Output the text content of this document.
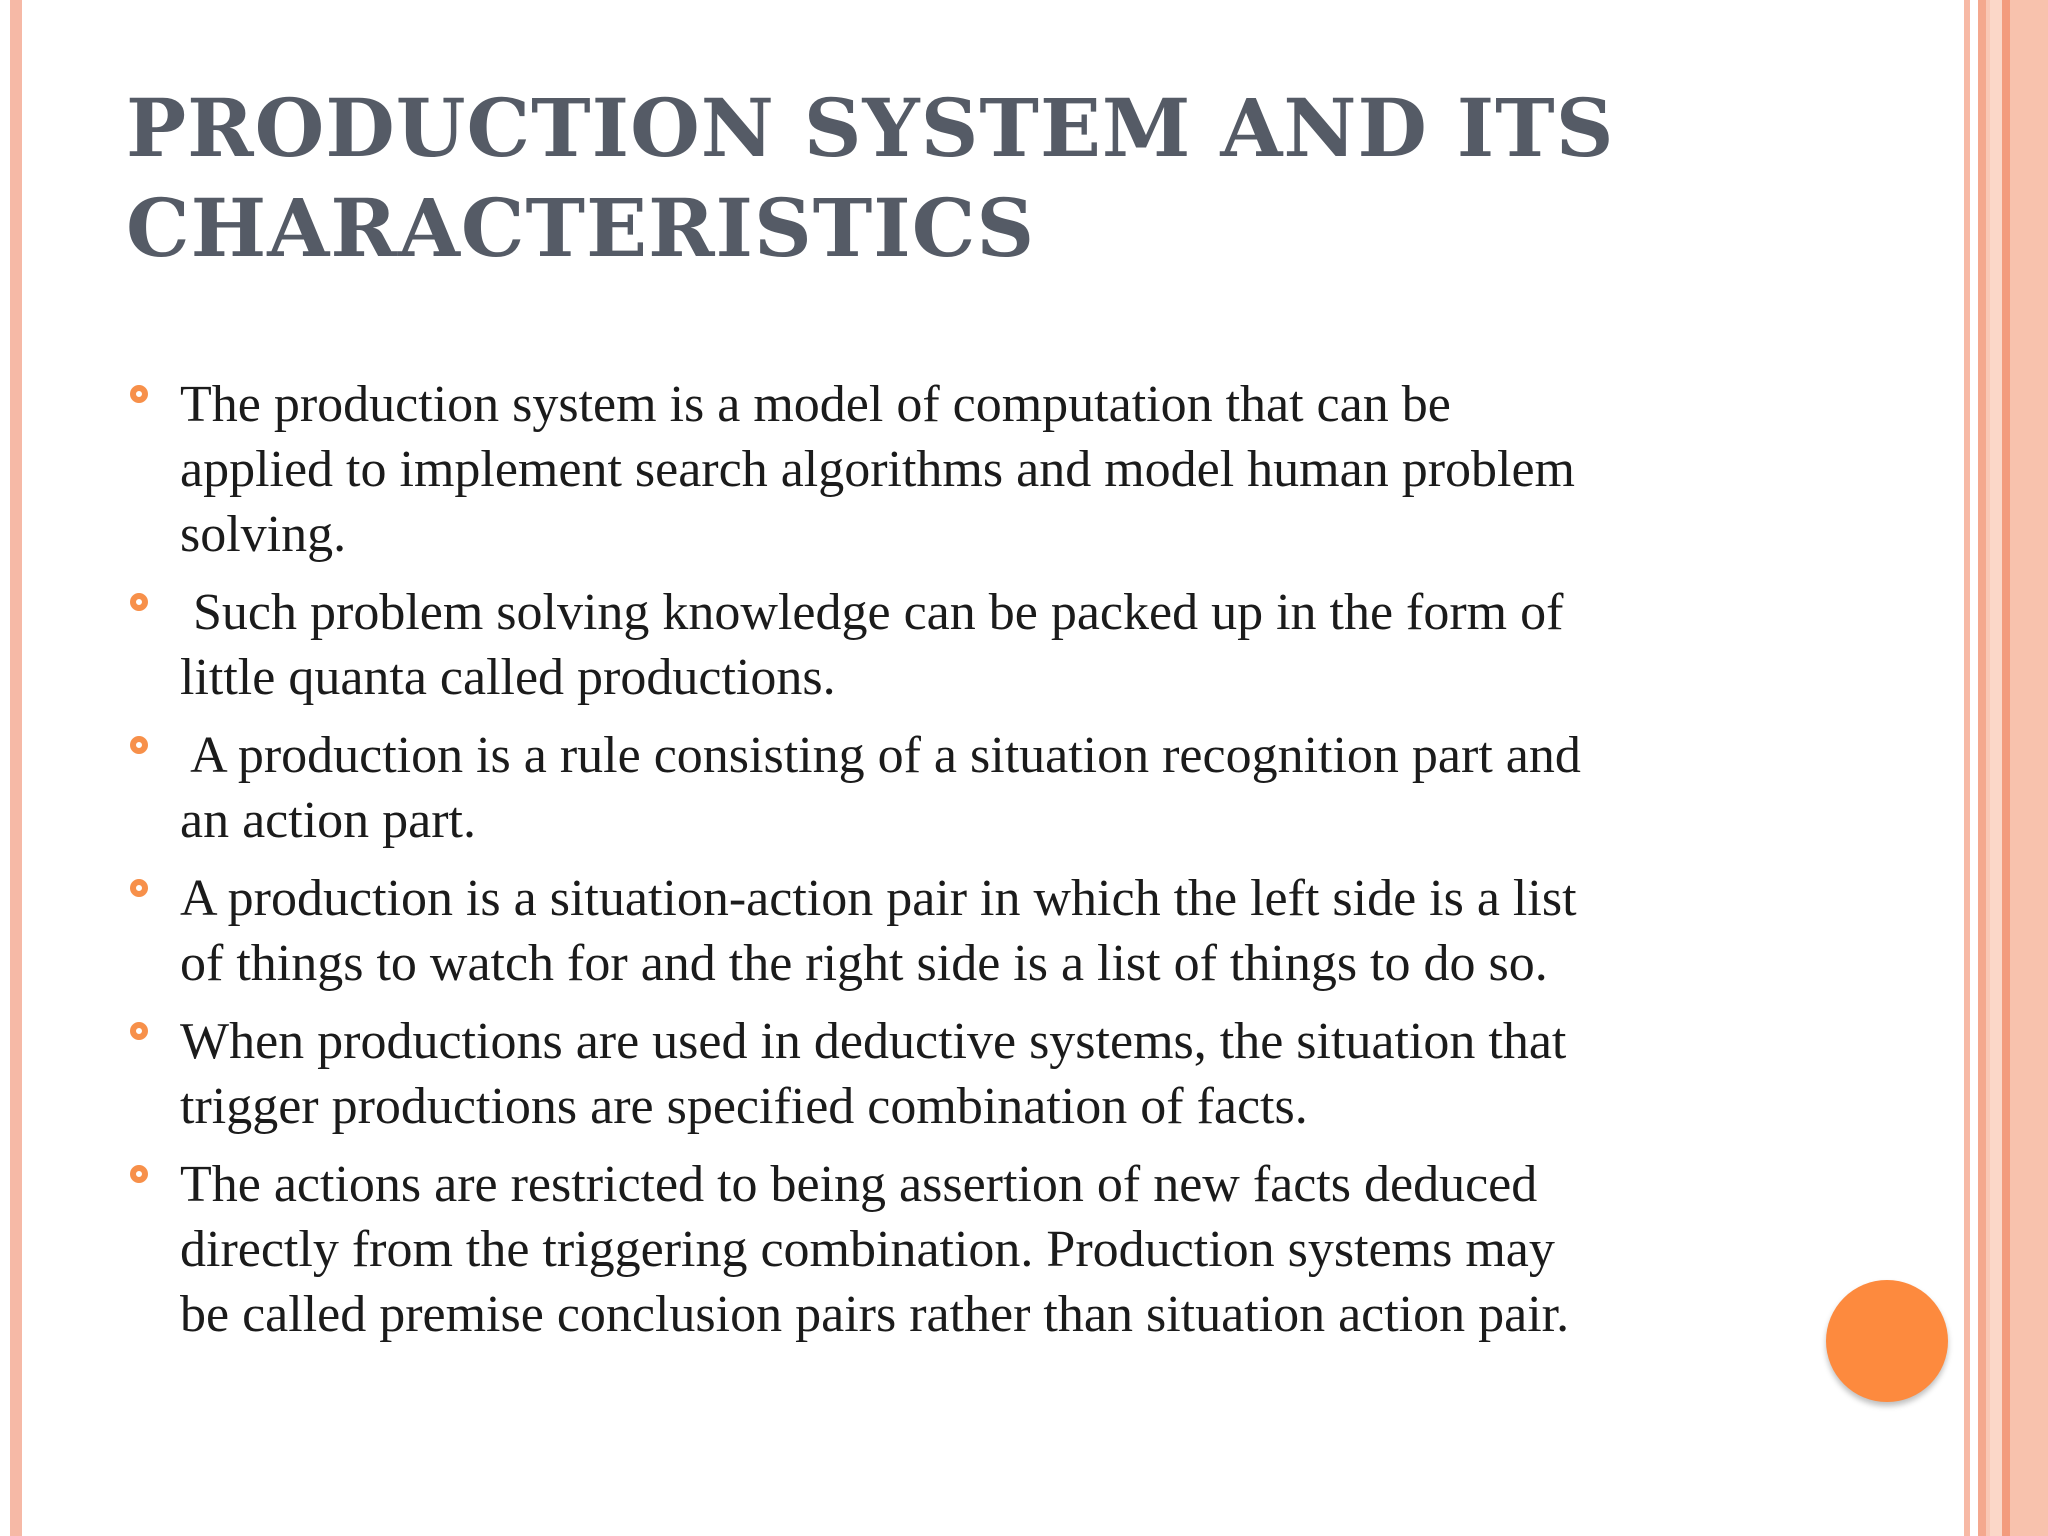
PRODUCTION SYSTEM AND ITS
CHARACTERISTICS
The production system is a model of computation that can be
applied to implement search algorithms and model human problem
solving.
Such problem solving knowledge can be packed up in the form of
little quanta called productions.
A production is a rule consisting of a situation recognition part and
an action part.
A production is a situation-action pair in which the left side is a list
of things to watch for and the right side is a list of things to do so.
When productions are used in deductive systems, the situation that
trigger productions are specified combination of facts.
The actions are restricted to being assertion of new facts deduced
directly from the triggering combination. Production systems may
be called premise conclusion pairs rather than situation action pair.
